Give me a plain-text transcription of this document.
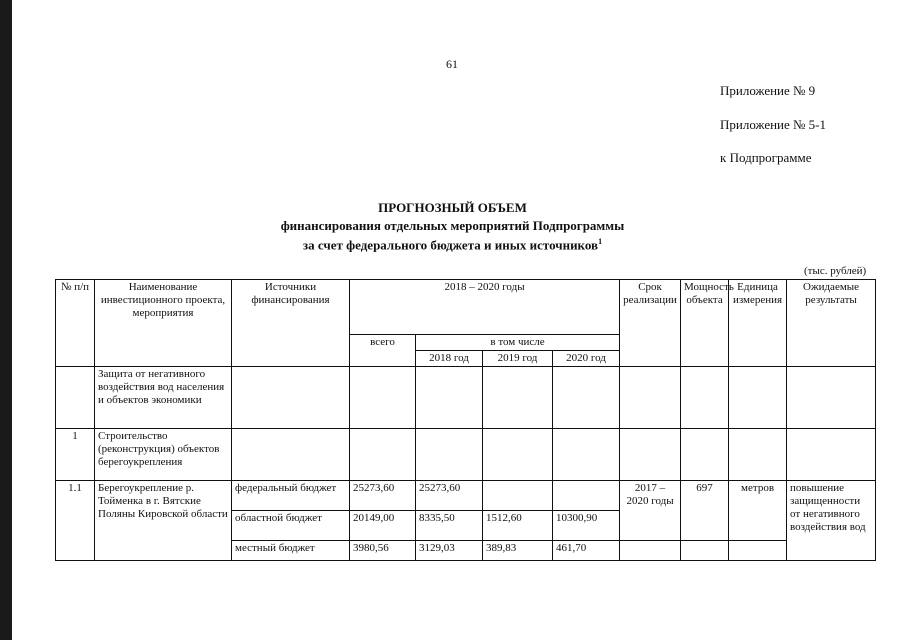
61
Приложение № 9
Приложение № 5-1
к Подпрограмме
ПРОГНОЗНЫЙ ОБЪЕМ
финансирования отдельных мероприятий Подпрограммы
за счет федерального бюджета и иных источников$^1$
(тыс. рублей)
№ п/п	Наименование инвестиционного проекта, мероприятия	Источники финансирования	2018 – 2020 годы				Срок реализации	Мощность объекта	Единица измерения	Ожидаемые результаты
			всего	в том числе						
				2018 год	2019 год	2020 год				
	Защита от негативного воздействия вод населения и объектов экономики									
1	Строительство (реконструкция) объектов берегоукрепления									
1.1	Берегоукрепление р. Тойменка в г. Вятские Поляны Кировской области	федеральный бюджет	25273,60	25273,60			2017 – 2020 годы	697	метров	повышение защищенности от негативного воздействия вод
		областной бюджет	20149,00	8335,50	1512,60	10300,90				
		местный бюджет	3980,56	3129,03	389,83	461,70				
